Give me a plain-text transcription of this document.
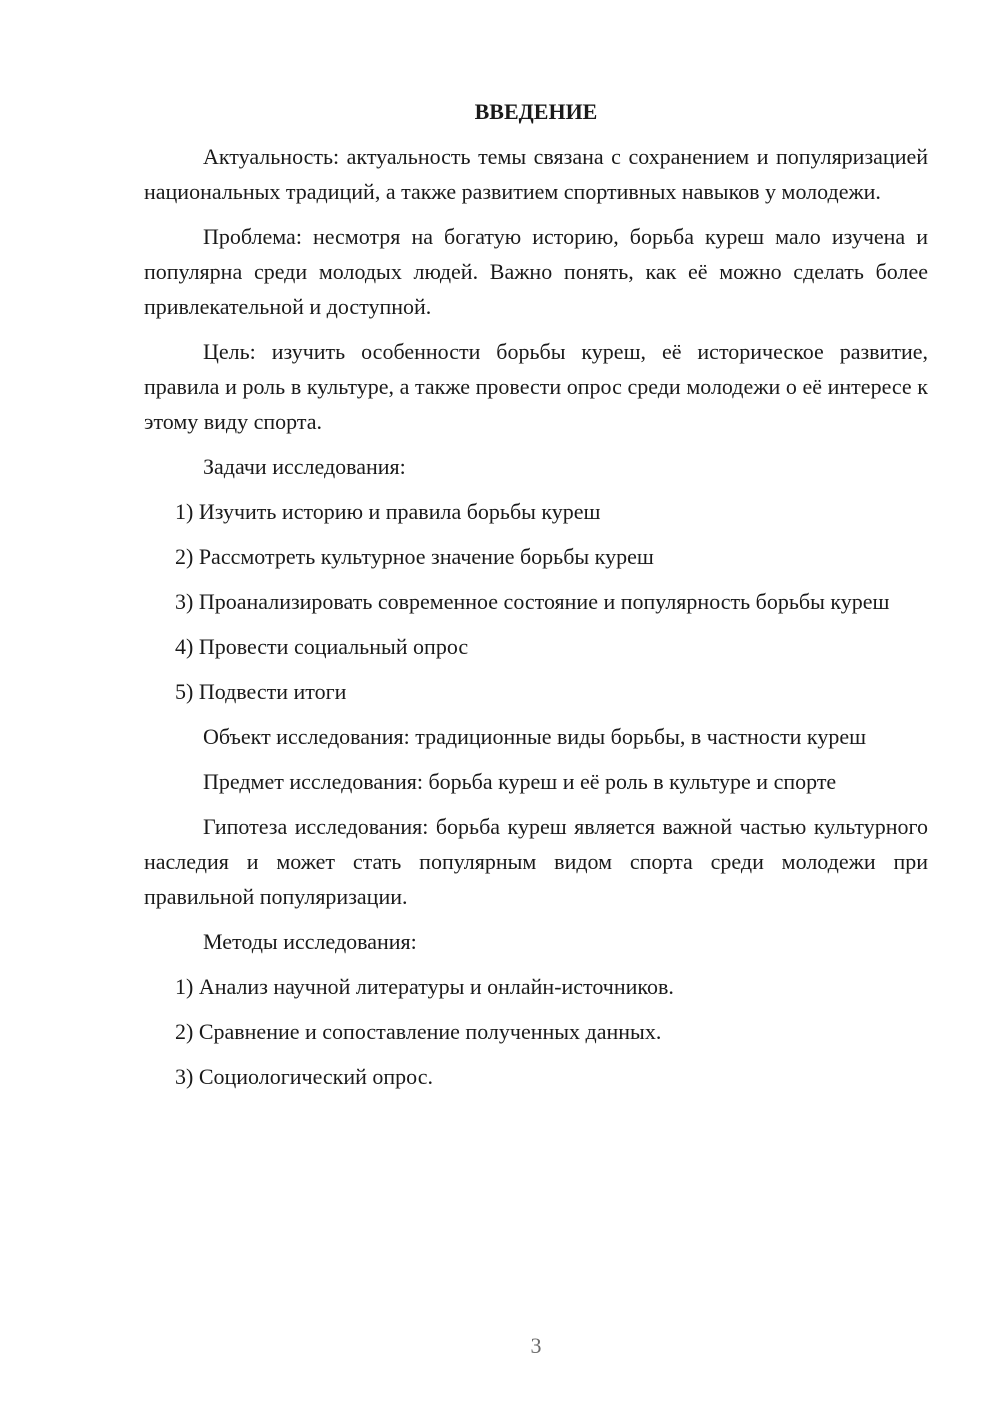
ВВЕДЕНИЕ

Актуальность: актуальность темы связана с сохранением и популяризацией национальных традиций, а также развитием спортивных навыков у молодежи.

Проблема: несмотря на богатую историю, борьба куреш мало изучена и популярна среди молодых людей. Важно понять, как её можно сделать более привлекательной и доступной.

Цель: изучить особенности борьбы куреш, её историческое развитие, правила и роль в культуре, а также провести опрос среди молодежи о её интересе к этому виду спорта.

Задачи исследования:

1) Изучить историю и правила борьбы куреш

2) Рассмотреть культурное значение борьбы куреш

3) Проанализировать современное состояние и популярность борьбы куреш

4) Провести социальный опрос

5) Подвести итоги

Объект исследования: традиционные виды борьбы, в частности куреш

Предмет исследования: борьба куреш и её роль в культуре и спорте

Гипотеза исследования: борьба куреш является важной частью культурного наследия и может стать популярным видом спорта среди молодежи при правильной популяризации.

Методы исследования:

1) Анализ научной литературы и онлайн-источников.

2) Сравнение и сопоставление полученных данных.

3) Социологический опрос.

3
